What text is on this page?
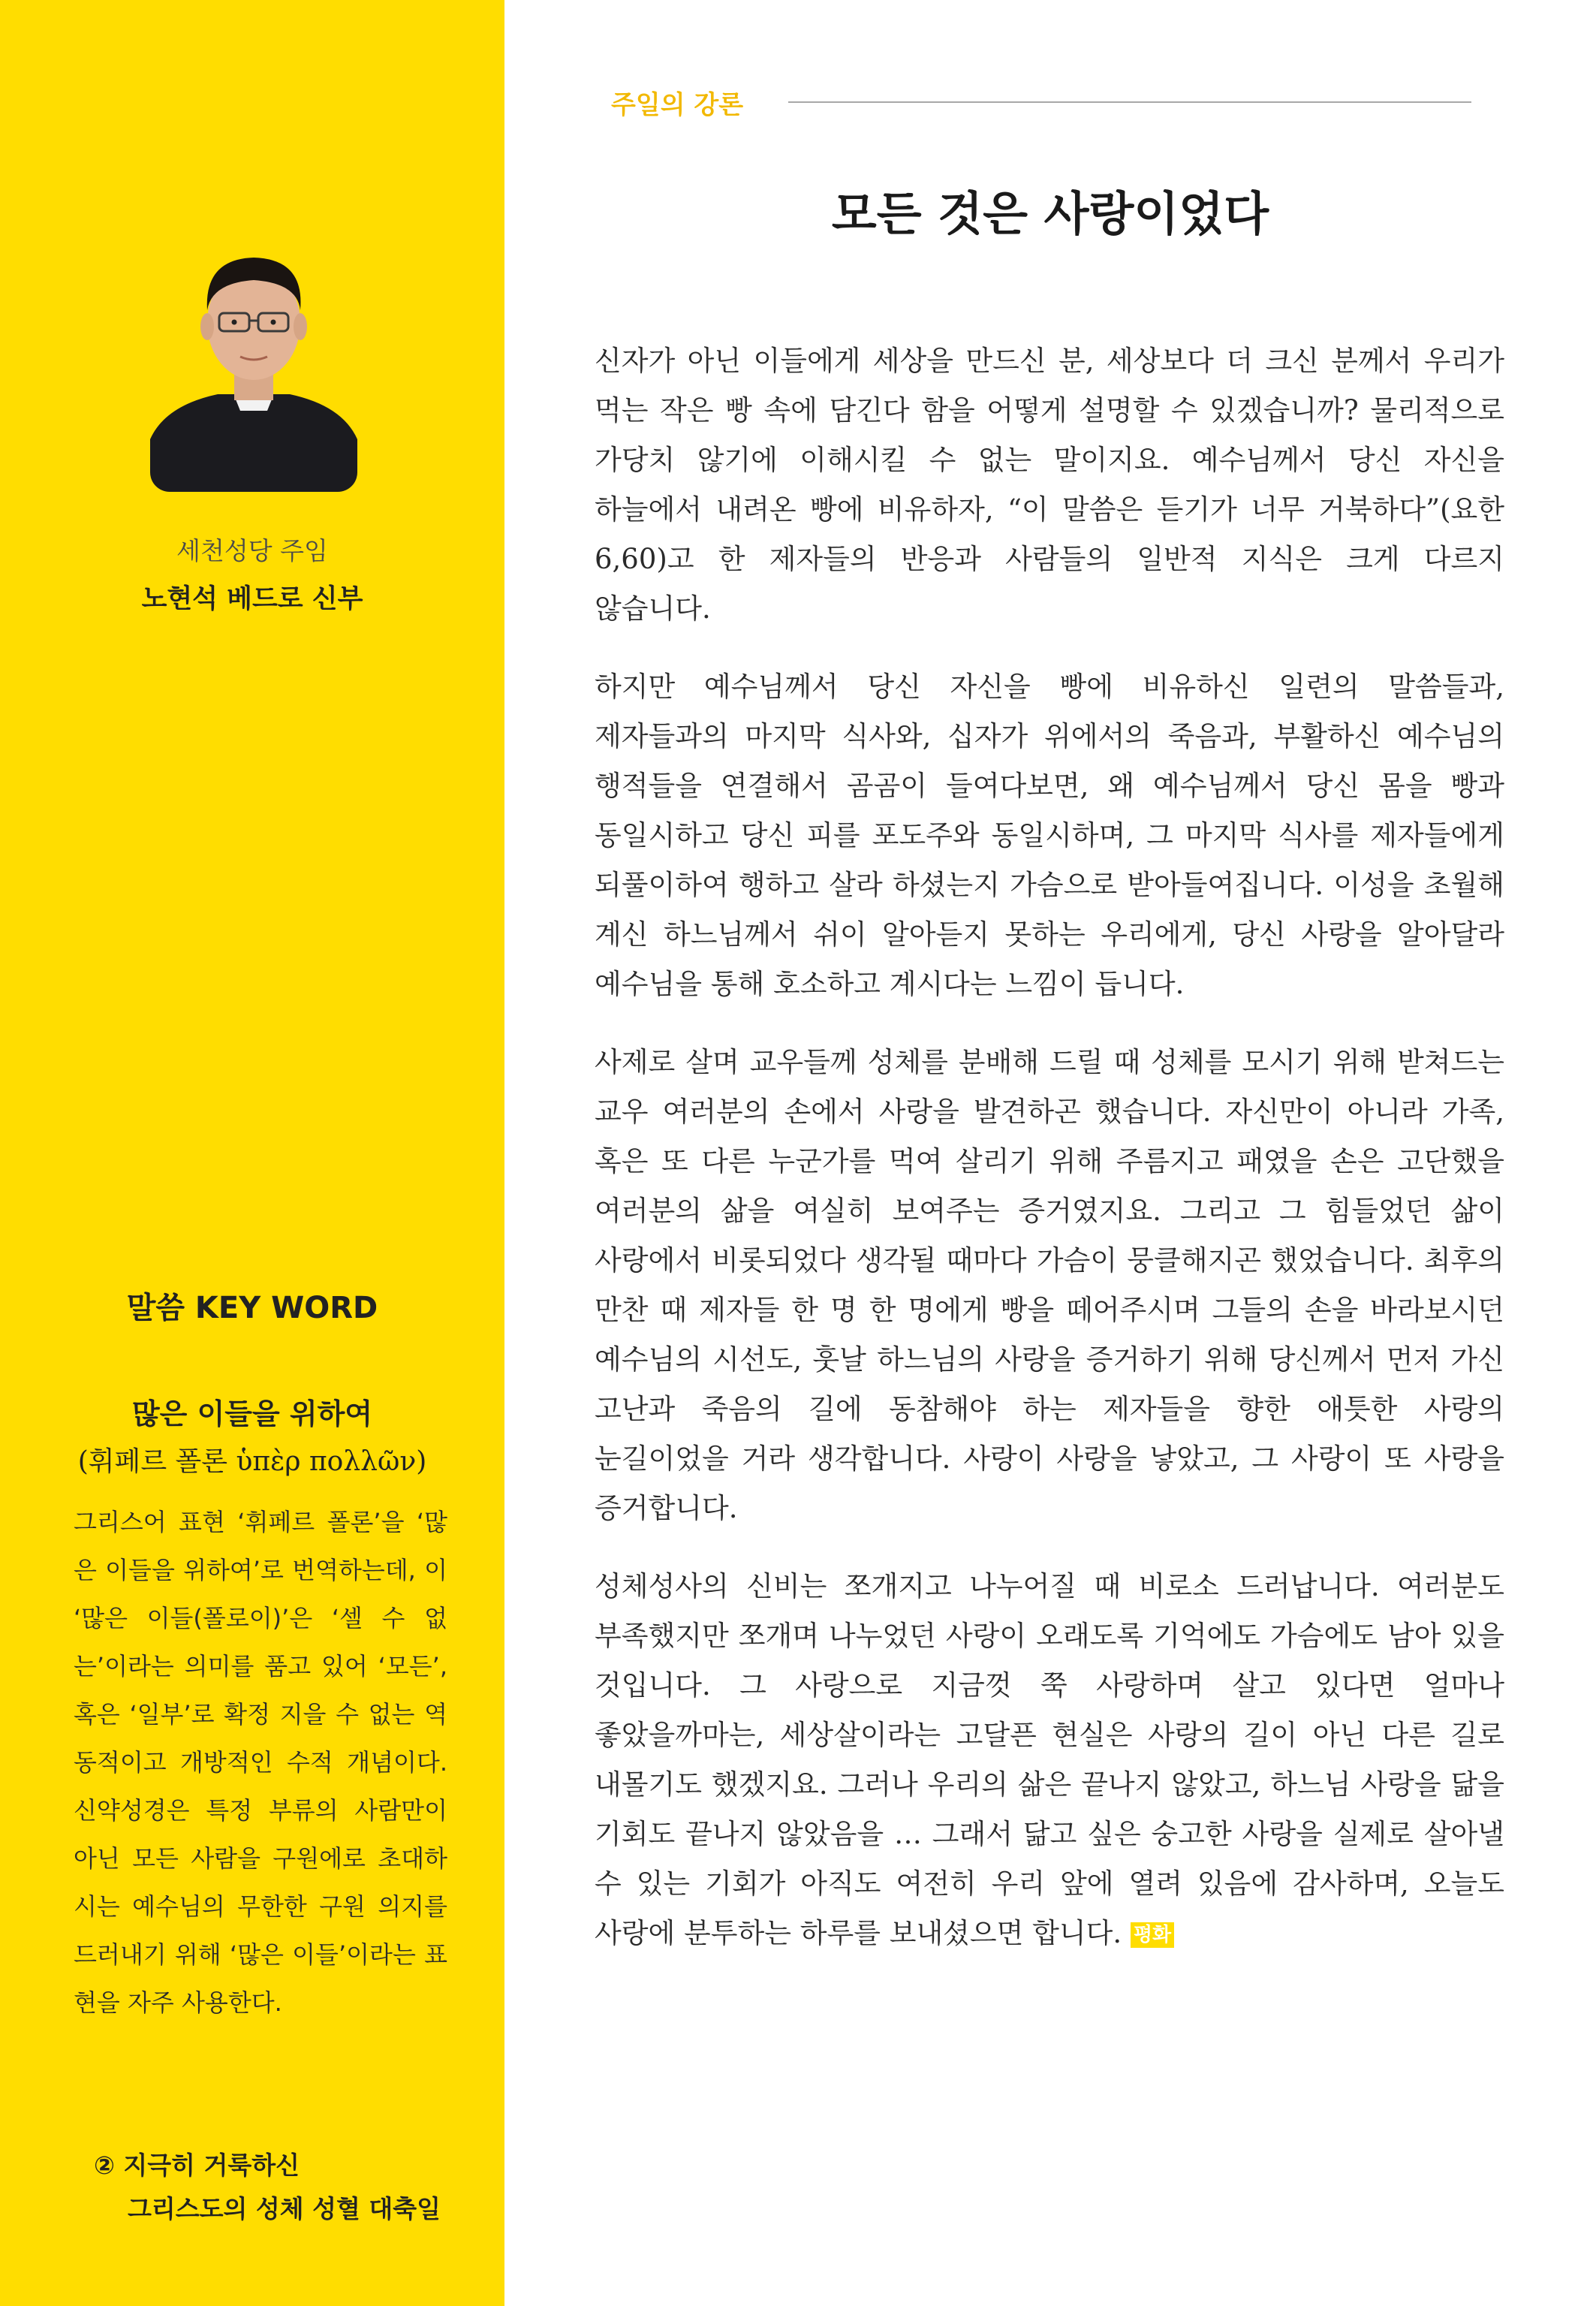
세천성당 주임
노현석 베드로 신부
말씀 KEY WORD
많은 이들을 위하여
(휘페르 폴론 ὑπὲρ πολλῶν)

그리스어 표현 ‘휘페르 폴론’을 ‘많은 이들을 위하여’로 번역하는데, 이 ‘많은 이들(폴로이)’은 ‘셀 수 없는’이라는 의미를 품고 있어 ‘모든’, 혹은 ‘일부’로 확정 지을 수 없는 역동적이고 개방적인 수적 개념이다. 신약성경은 특정 부류의 사람만이 아닌 모든 사람을 구원에로 초대하시는 예수님의 무한한 구원 의지를 드러내기 위해 ‘많은 이들’이라는 표현을 자주 사용한다.

② 지극히 거룩하신
그리스도의 성체 성혈 대축일
주일의 강론
모든 것은 사랑이었다

신자가 아닌 이들에게 세상을 만드신 분, 세상보다 더 크신 분께서 우리가 먹는 작은 빵 속에 담긴다 함을 어떻게 설명할 수 있겠습니까? 물리적으로 가당치 않기에 이해시킬 수 없는 말이지요. 예수님께서 당신 자신을 하늘에서 내려온 빵에 비유하자, “이 말씀은 듣기가 너무 거북하다”(요한 6,60)고 한 제자들의 반응과 사람들의 일반적 지식은 크게 다르지 않습니다.

하지만 예수님께서 당신 자신을 빵에 비유하신 일련의 말씀들과, 제자들과의 마지막 식사와, 십자가 위에서의 죽음과, 부활하신 예수님의 행적들을 연결해서 곰곰이 들여다보면, 왜 예수님께서 당신 몸을 빵과 동일시하고 당신 피를 포도주와 동일시하며, 그 마지막 식사를 제자들에게 되풀이하여 행하고 살라 하셨는지 가슴으로 받아들여집니다. 이성을 초월해 계신 하느님께서 쉬이 알아듣지 못하는 우리에게, 당신 사랑을 알아달라 예수님을 통해 호소하고 계시다는 느낌이 듭니다.

사제로 살며 교우들께 성체를 분배해 드릴 때 성체를 모시기 위해 받쳐드는 교우 여러분의 손에서 사랑을 발견하곤 했습니다. 자신만이 아니라 가족, 혹은 또 다른 누군가를 먹여 살리기 위해 주름지고 패였을 손은 고단했을 여러분의 삶을 여실히 보여주는 증거였지요. 그리고 그 힘들었던 삶이 사랑에서 비롯되었다 생각될 때마다 가슴이 뭉클해지곤 했었습니다. 최후의 만찬 때 제자들 한 명 한 명에게 빵을 떼어주시며 그들의 손을 바라보시던 예수님의 시선도, 훗날 하느님의 사랑을 증거하기 위해 당신께서 먼저 가신 고난과 죽음의 길에 동참해야 하는 제자들을 향한 애틋한 사랑의 눈길이었을 거라 생각합니다. 사랑이 사랑을 낳았고, 그 사랑이 또 사랑을 증거합니다.

성체성사의 신비는 쪼개지고 나누어질 때 비로소 드러납니다. 여러분도 부족했지만 쪼개며 나누었던 사랑이 오래도록 기억에도 가슴에도 남아 있을 것입니다. 그 사랑으로 지금껏 쭉 사랑하며 살고 있다면 얼마나 좋았을까마는, 세상살이라는 고달픈 현실은 사랑의 길이 아닌 다른 길로 내몰기도 했겠지요. 그러나 우리의 삶은 끝나지 않았고, 하느님 사랑을 닮을 기회도 끝나지 않았음을 … 그래서 닮고 싶은 숭고한 사랑을 실제로 살아낼 수 있는 기회가 아직도 여전히 우리 앞에 열려 있음에 감사하며, 오늘도 사랑에 분투하는 하루를 보내셨으면 합니다. 평화
